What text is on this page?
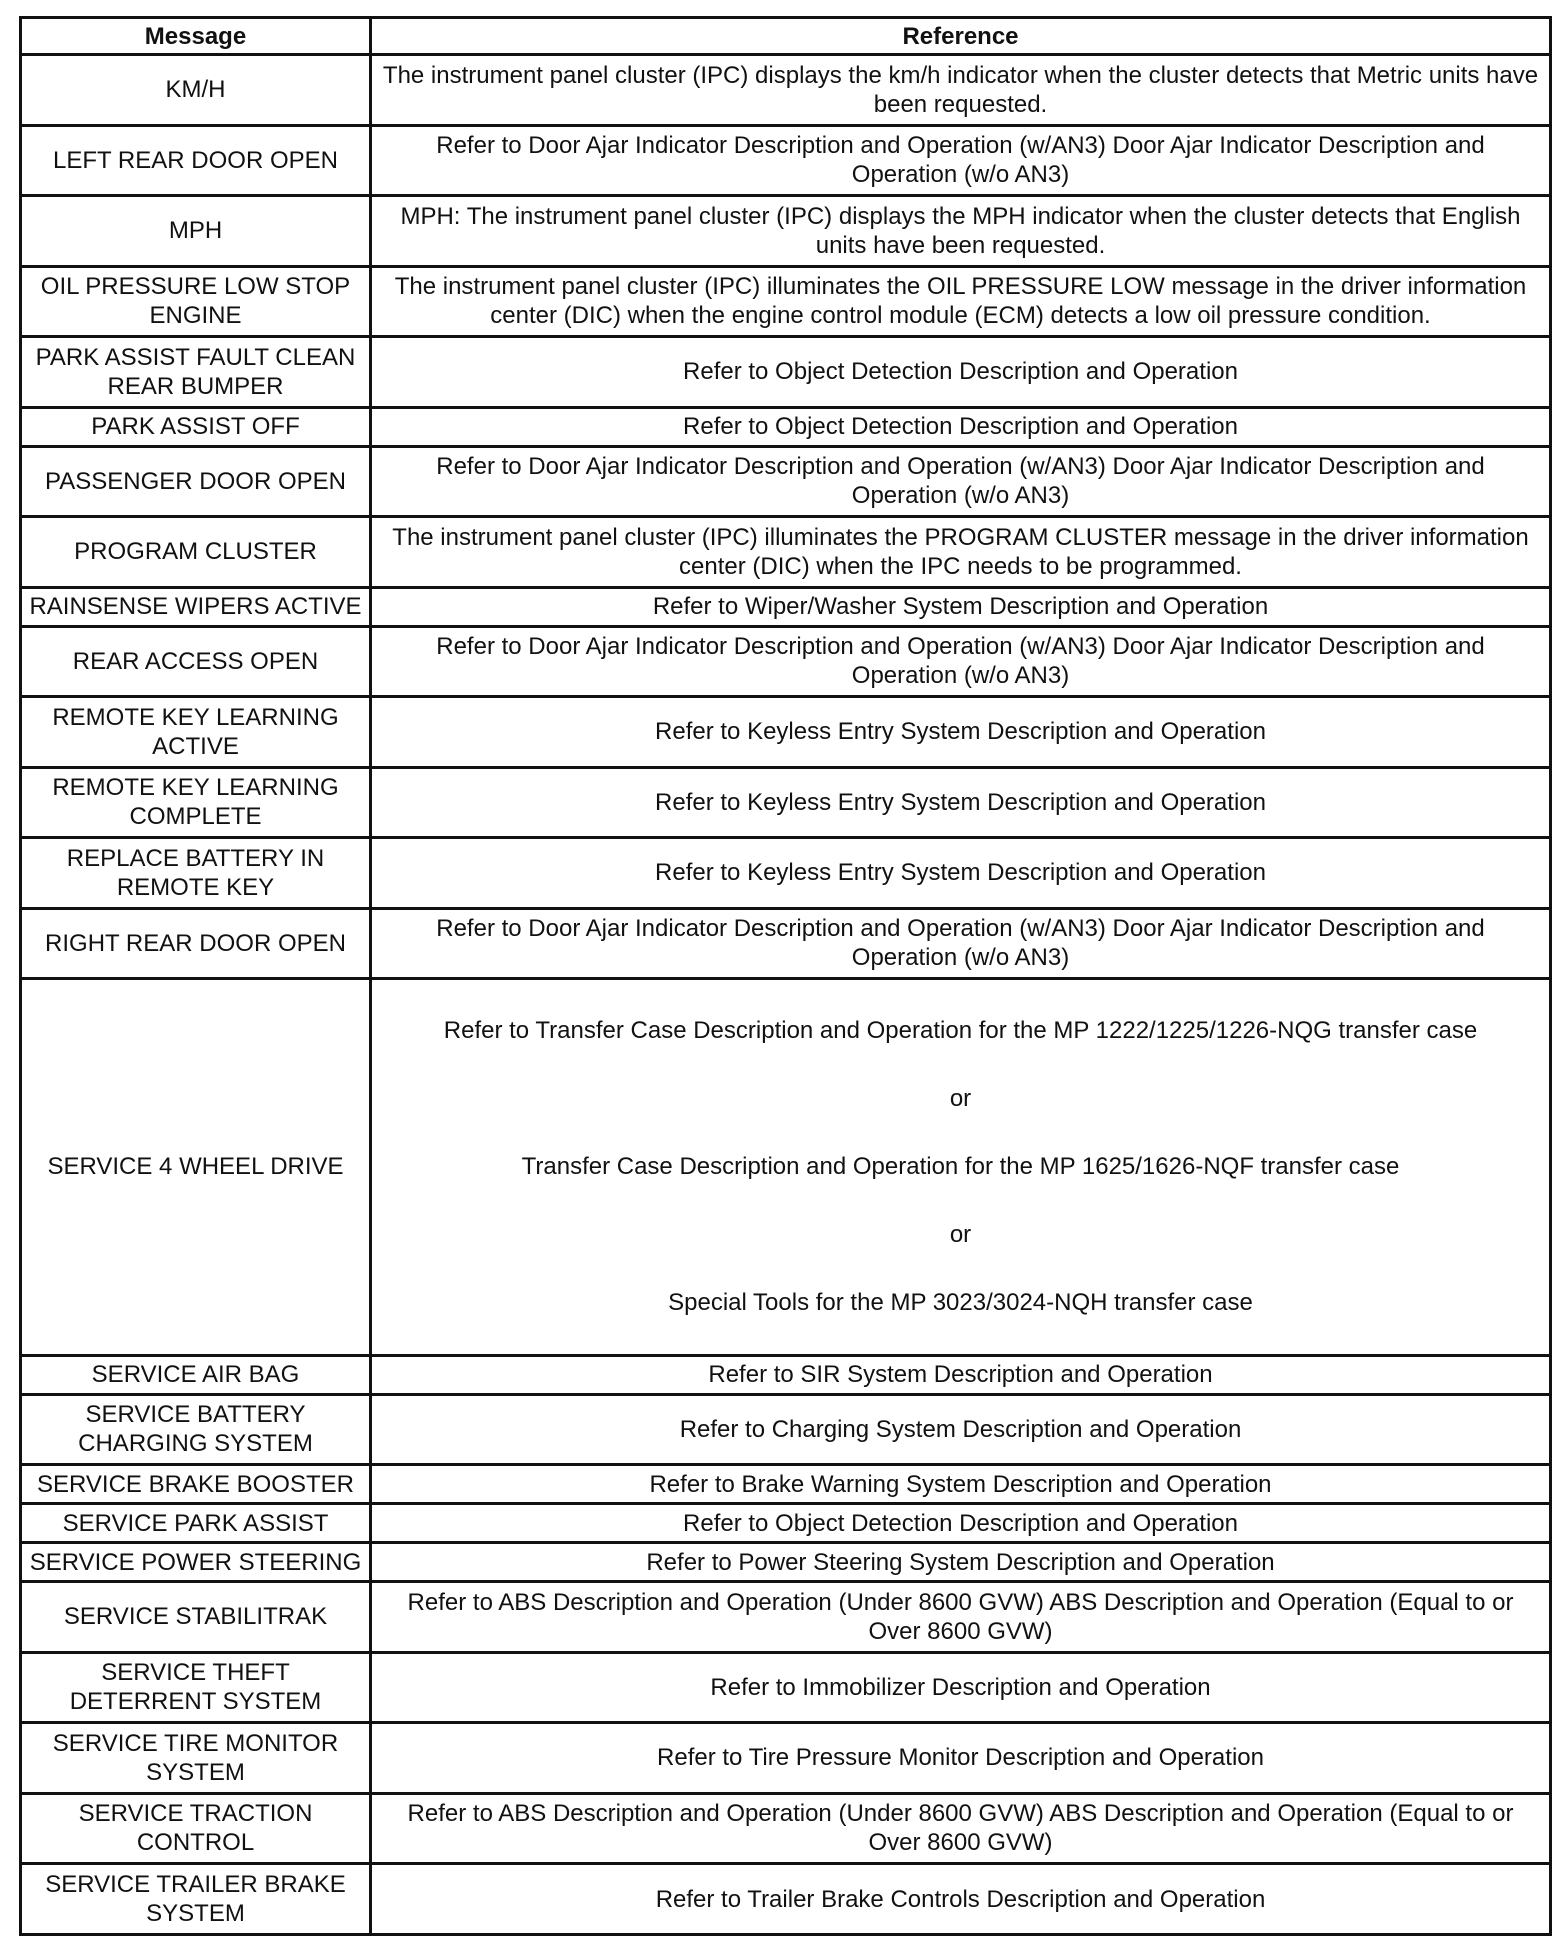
Message	Reference
KM/H	The instrument panel cluster (IPC) displays the km/h indicator when the cluster detects that Metric units have been requested.
LEFT REAR DOOR OPEN	Refer to Door Ajar Indicator Description and Operation (w/AN3) Door Ajar Indicator Description and Operation (w/o AN3)
MPH	MPH: The instrument panel cluster (IPC) displays the MPH indicator when the cluster detects that English units have been requested.
OIL PRESSURE LOW STOP ENGINE	The instrument panel cluster (IPC) illuminates the OIL PRESSURE LOW message in the driver information center (DIC) when the engine control module (ECM) detects a low oil pressure condition.
PARK ASSIST FAULT CLEAN REAR BUMPER	Refer to Object Detection Description and Operation
PARK ASSIST OFF	Refer to Object Detection Description and Operation
PASSENGER DOOR OPEN	Refer to Door Ajar Indicator Description and Operation (w/AN3) Door Ajar Indicator Description and Operation (w/o AN3)
PROGRAM CLUSTER	The instrument panel cluster (IPC) illuminates the PROGRAM CLUSTER message in the driver information center (DIC) when the IPC needs to be programmed.
RAINSENSE WIPERS ACTIVE	Refer to Wiper/Washer System Description and Operation
REAR ACCESS OPEN	Refer to Door Ajar Indicator Description and Operation (w/AN3) Door Ajar Indicator Description and Operation (w/o AN3)
REMOTE KEY LEARNING ACTIVE	Refer to Keyless Entry System Description and Operation
REMOTE KEY LEARNING COMPLETE	Refer to Keyless Entry System Description and Operation
REPLACE BATTERY IN REMOTE KEY	Refer to Keyless Entry System Description and Operation
RIGHT REAR DOOR OPEN	Refer to Door Ajar Indicator Description and Operation (w/AN3) Door Ajar Indicator Description and Operation (w/o AN3)
SERVICE 4 WHEEL DRIVE	Refer to Transfer Case Description and Operation for the MP 1222/1225/1226-NQG transfer case
or
Transfer Case Description and Operation for the MP 1625/1626-NQF transfer case
or
Special Tools for the MP 3023/3024-NQH transfer case

SERVICE AIR BAG	Refer to SIR System Description and Operation
SERVICE BATTERY CHARGING SYSTEM	Refer to Charging System Description and Operation
SERVICE BRAKE BOOSTER	Refer to Brake Warning System Description and Operation
SERVICE PARK ASSIST	Refer to Object Detection Description and Operation
SERVICE POWER STEERING	Refer to Power Steering System Description and Operation
SERVICE STABILITRAK	Refer to ABS Description and Operation (Under 8600 GVW) ABS Description and Operation (Equal to or Over 8600 GVW)
SERVICE THEFT DETERRENT SYSTEM	Refer to Immobilizer Description and Operation
SERVICE TIRE MONITOR SYSTEM	Refer to Tire Pressure Monitor Description and Operation
SERVICE TRACTION CONTROL	Refer to ABS Description and Operation (Under 8600 GVW) ABS Description and Operation (Equal to or Over 8600 GVW)
SERVICE TRAILER BRAKE SYSTEM	Refer to Trailer Brake Controls Description and Operation
